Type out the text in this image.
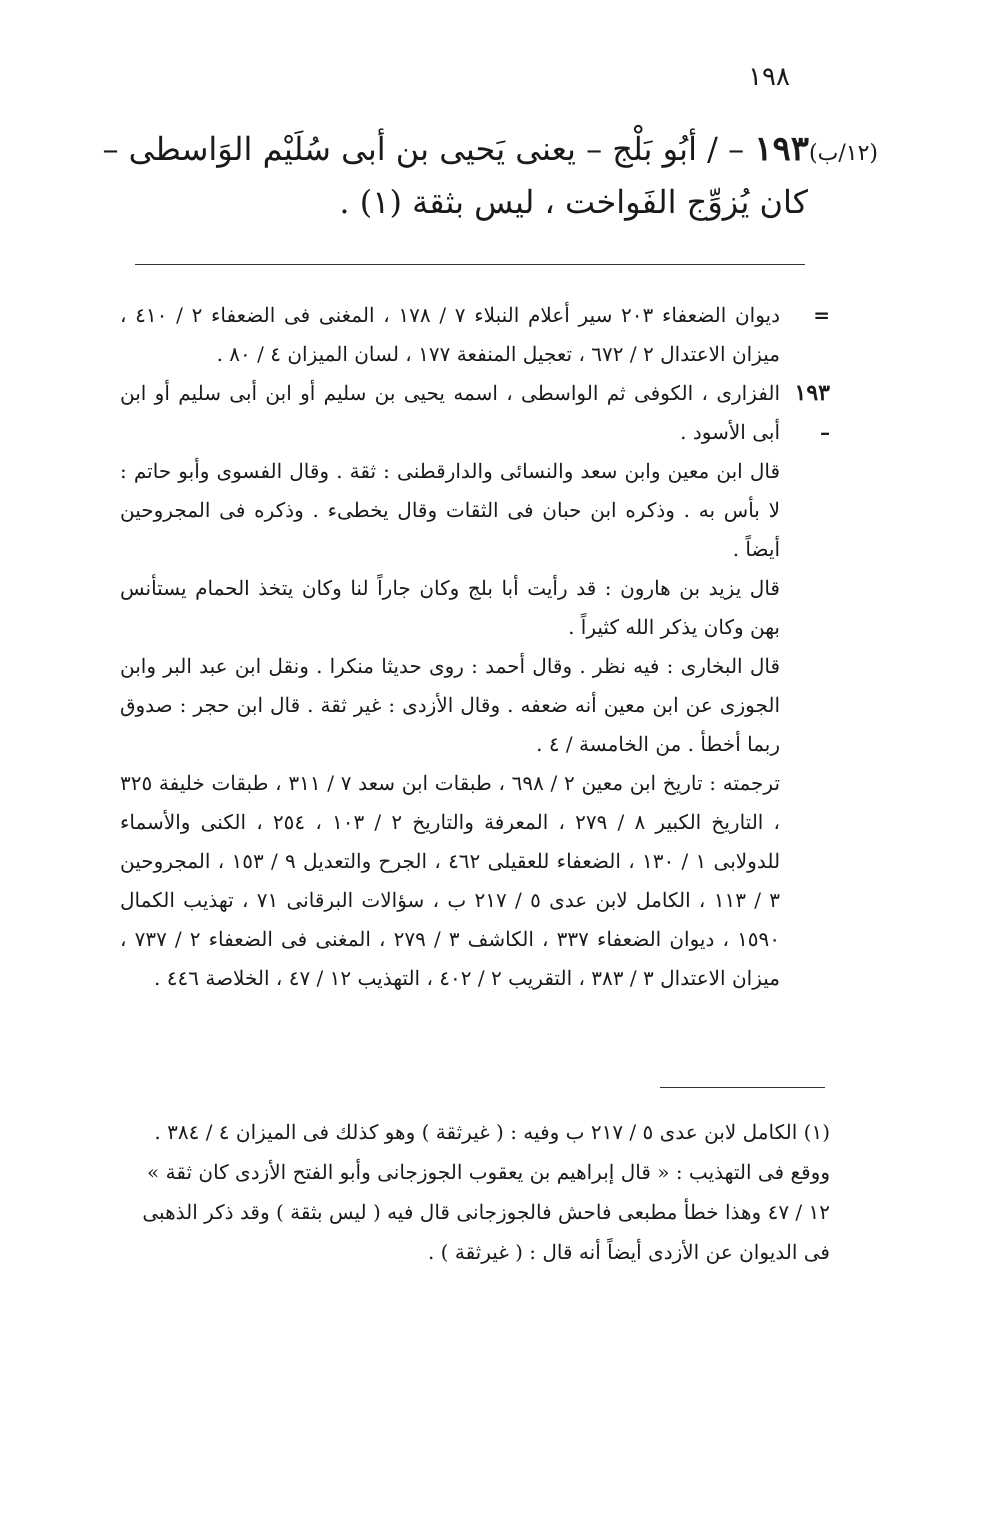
١٩٨
(١٢/ب)١٩٣ – / أبُو بَلْج – يعنى يَحيى بن أبى سُلَيْم الوَاسطى –
كان يُزوِّج الفَواخت ، ليس بثقة (١) .
=
ديوان الضعفاء ٢٠٣ سير أعلام النبلاء ٧ / ١٧٨ ، المغنى فى الضعفاء ٢ / ٤١٠ ، ميزان الاعتدال ٢ / ٦٧٢ ، تعجيل المنفعة ١٧٧ ، لسان الميزان ٤ / ٨٠ .
١٩٣ –
الفزارى ، الكوفى ثم الواسطى ، اسمه يحيى بن سليم أو ابن أبى سليم أو ابن أبى الأسود .
قال ابن معين وابن سعد والنسائى والدارقطنى : ثقة . وقال الفسوى وأبو حاتم : لا بأس به . وذكره ابن حبان فى الثقات وقال يخطىء . وذكره فى المجروحين أيضاً .
قال يزيد بن هارون : قد رأيت أبا بلج وكان جاراً لنا وكان يتخذ الحمام يستأنس بهن وكان يذكر الله كثيراً .
قال البخارى : فيه نظر . وقال أحمد : روى حديثا منكرا . ونقل ابن عبد البر وابن الجوزى عن ابن معين أنه ضعفه . وقال الأزدى : غير ثقة . قال ابن حجر : صدوق ربما أخطأ . من الخامسة / ٤ .
ترجمته : تاريخ ابن معين ٢ / ٦٩٨ ، طبقات ابن سعد ٧ / ٣١١ ، طبقات خليفة ٣٢٥ ، التاريخ الكبير ٨ / ٢٧٩ ، المعرفة والتاريخ ٢ / ١٠٣ ، ٢٥٤ ، الكنى والأسماء للدولابى ١ / ١٣٠ ، الضعفاء للعقيلى ٤٦٢ ، الجرح والتعديل ٩ / ١٥٣ ، المجروحين ٣ / ١١٣ ، الكامل لابن عدى ٥ / ٢١٧ ب ، سؤالات البرقانى ٧١ ، تهذيب الكمال ١٥٩٠ ، ديوان الضعفاء ٣٣٧ ، الكاشف ٣ / ٢٧٩ ، المغنى فى الضعفاء ٢ / ٧٣٧ ، ميزان الاعتدال ٣ / ٣٨٣ ، التقريب ٢ / ٤٠٢ ، التهذيب ١٢ / ٤٧ ، الخلاصة ٤٤٦ .
(١) الكامل لابن عدى ٥ / ٢١٧ ب وفيه : ( غيرثقة ) وهو كذلك فى الميزان ٤ / ٣٨٤ . ووقع فى التهذيب : « قال إبراهيم بن يعقوب الجوزجانى وأبو الفتح الأزدى كان ثقة » ١٢ / ٤٧ وهذا خطأ مطبعى فاحش فالجوزجانى قال فيه ( ليس بثقة ) وقد ذكر الذهبى فى الديوان عن الأزدى أيضاً أنه قال : ( غيرثقة ) .
